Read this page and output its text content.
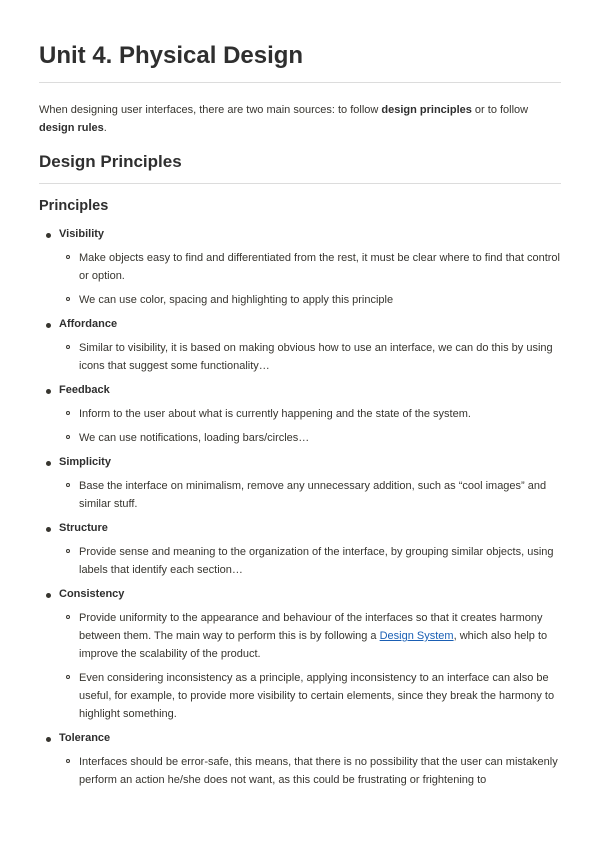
Unit 4. Physical Design

When designing user interfaces, there are two main sources: to follow design principles or to follow design rules.

Design Principles
Principles
Visibility
Make objects easy to find and differentiated from the rest, it must be clear where to find that control or option.
We can use color, spacing and highlighting to apply this principle
Affordance
Similar to visibility, it is based on making obvious how to use an interface, we can do this by using icons that suggest some functionality…
Feedback
Inform to the user about what is currently happening and the state of the system.
We can use notifications, loading bars/circles…
Simplicity
Base the interface on minimalism, remove any unnecessary addition, such as “cool images” and similar stuff.
Structure
Provide sense and meaning to the organization of the interface, by grouping similar objects, using labels that identify each section…
Consistency
Provide uniformity to the appearance and behaviour of the interfaces so that it creates harmony between them. The main way to perform this is by following a Design System, which also help to improve the scalability of the product.
Even considering inconsistency as a principle, applying inconsistency to an interface can also be useful, for example, to provide more visibility to certain elements, since they break the harmony to highlight something.
Tolerance
Interfaces should be error-safe, this means, that there is no possibility that the user can mistakenly perform an action he/she does not want, as this could be frustrating or frightening to
